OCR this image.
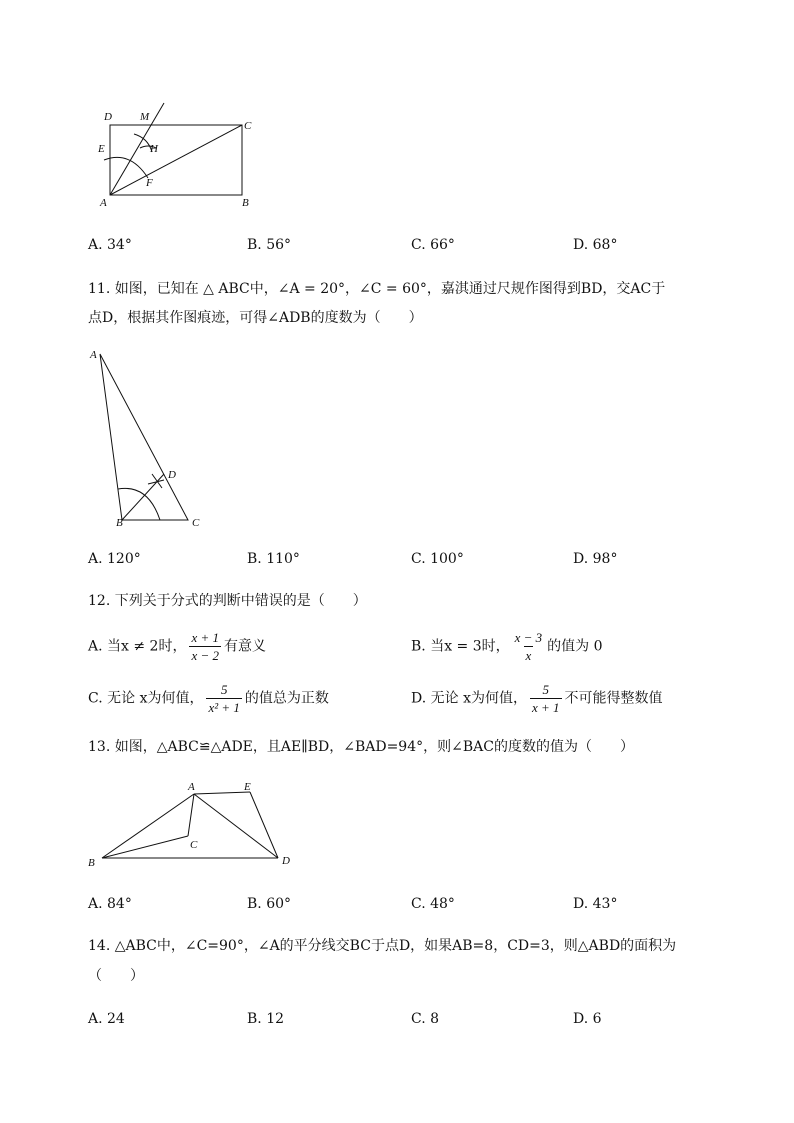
D	M
C
E	H
F
A	B
A. 34°	B. 56°	C. 66°	D. 68°
11. 如图，已知在 △ ABC中，∠A = 20°，∠C = 60°，嘉淇通过尺规作图得到BD，交AC于
点D，根据其作图痕迹，可得∠ADB的度数为（　　）
A
D
B	C
A. 120°	B. 110°	C. 100°	D. 98°
12. 下列关于分式的判断中错误的是（　　）
A. 当x ≠ 2时， $\frac{x + 1}{x - 2}$ 有意义	B. 当x = 3时， $\frac{x - 3}{x}$ 的值为 0
C. 无论 x为何值， $\frac{5}{\text{x² + 1}}$ 的值总为正数	D. 无论 x为何值， $\frac{5}{x + 1}$ 不可能得整数值
13. 如图，△ABC≌△ADE，且AE∥BD，∠BAD=94°，则∠BAC的度数的值为（　　）
A	E
C
B	D
A. 84°	B. 60°	C. 48°	D. 43°
14. △ABC中，∠C=90°，∠A的平分线交BC于点D，如果AB=8，CD=3，则△ABD的面积为
（　　）
A. 24	B. 12	C. 8	D. 6
